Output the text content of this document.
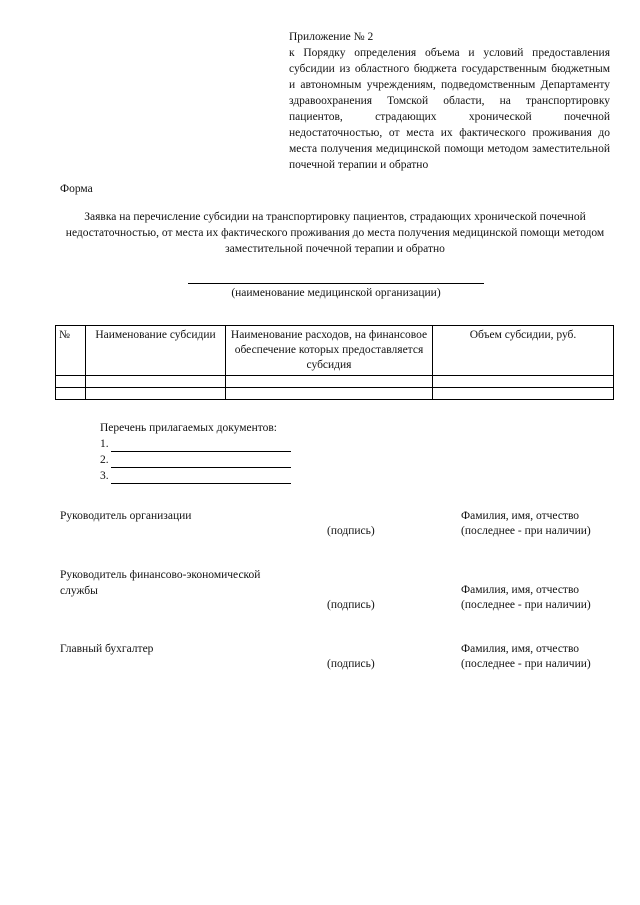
Приложение № 2
к Порядку определения объема и условий предоставления субсидии из областного бюджета государственным бюджетным и автономным учреждениям, подведомственным Департаменту здравоохранения Томской области, на транспортировку пациентов, страдающих хронической почечной недостаточностью, от места их фактического проживания до места получения медицинской помощи методом заместительной почечной терапии и обратно
Форма
Заявка на перечисление субсидии на транспортировку пациентов, страдающих хронической почечной недостаточностью, от места их фактического проживания до места получения медицинской помощи методом заместительной почечной терапии и обратно
(наименование медицинской организации)
№	Наименование субсидии	Наименование расходов, на финансовое обеспечение которых предоставляется субсидия	Объем субсидии, руб.

Перечень прилагаемых документов:
1.
2.
3.
Руководитель организации
(подпись)
Фамилия, имя, отчество
(последнее - при наличии)
Руководитель финансово-экономической службы
(подпись)
Фамилия, имя, отчество
(последнее - при наличии)
Главный бухгалтер
(подпись)
Фамилия, имя, отчество
(последнее - при наличии)
